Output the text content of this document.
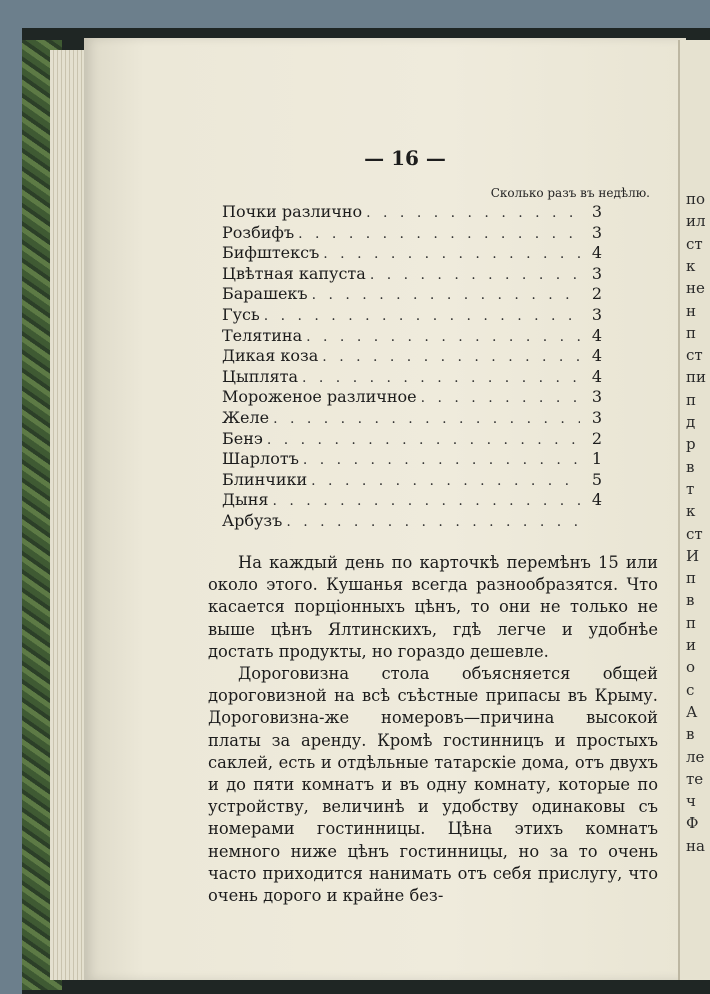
по
ил
ст
к
не
н
п
ст
пи
п
д
р
в
т
к
ст
И
п
в
п
и
о
с
А
в
ле
те
ч
Ф
на
— 16 —
Сколько разъ въ недѣлю.
Почки различно . . .	3
Розбифъ . . .	3
Бифштексъ . . .	4
Цвѣтная капуста . . .	3
Барашекъ . . .	2
Гусь . . .	3
Телятина . . .	4
Дикая коза . . .	4
Цыплята . . .	4
Мороженое различное . . .	3
Желе . . .	3
Бенэ . . .	2
Шарлотъ . . .	1
Блинчики . . .	5
Дыня . . .	4
Арбузъ
. . .

На каждый день по карточкѣ перемѣнъ 15 или около этого. Кушанья всегда разнообразятся. Что касается порціонныхъ цѣнъ, то они не только не выше цѣнъ Ялтинскихъ, гдѣ легче и удобнѣе достать продукты, но гораздо дешевле.

Дороговизна стола объясняется общей дороговизной на всѣ съѣстные припасы въ Крыму. Дороговизна-же номеровъ—причина высокой платы за аренду. Кромѣ гостинницъ и простыхъ саклей, есть и отдѣльные татарскіе дома, отъ двухъ и до пяти комнатъ и въ одну комнату, которые по устройству, величинѣ и удобству одинаковы съ номерами гостинницы. Цѣна этихъ комнатъ немного ниже цѣнъ гостинницы, но за то очень часто приходится нанимать отъ себя прислугу, что очень дорого и крайне без-
